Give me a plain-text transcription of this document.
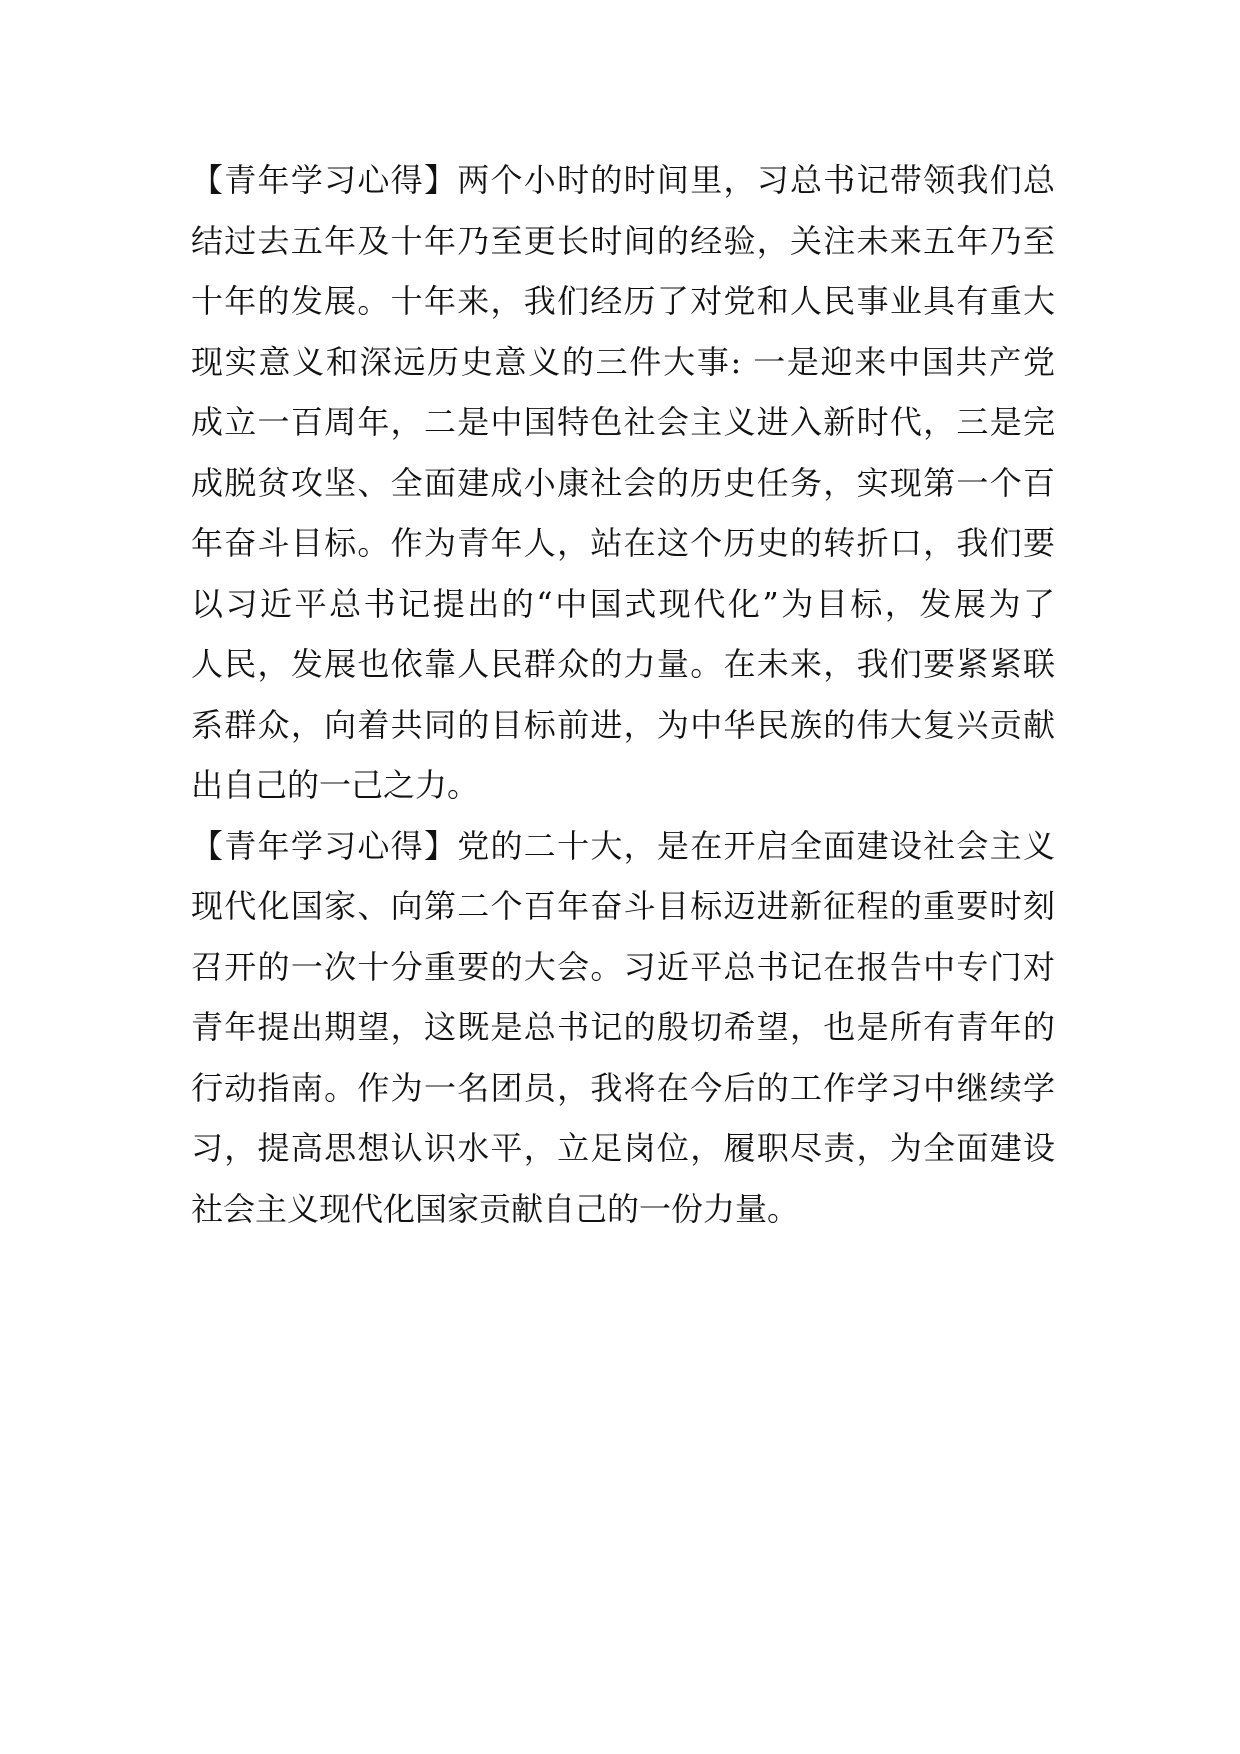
【青年学习心得】两个小时的时间里，习总书记带领我们总
结过去五年及十年乃至更长时间的经验，关注未来五年乃至
十年的发展。十年来，我们经历了对党和人民事业具有重大
现实意义和深远历史意义的三件大事: 一是迎来中国共产党
成立一百周年，二是中国特色社会主义进入新时代，三是完
成脱贫攻坚、全面建成小康社会的历史任务，实现第一个百
年奋斗目标。作为青年人，站在这个历史的转折口，我们要
以习近平总书记提出的“中国式现代化”为目标，发展为了
人民，发展也依靠人民群众的力量。在未来，我们要紧紧联
系群众，向着共同的目标前进，为中华民族的伟大复兴贡献
出自己的一己之力。
【青年学习心得】党的二十大，是在开启全面建设社会主义
现代化国家、向第二个百年奋斗目标迈进新征程的重要时刻
召开的一次十分重要的大会。习近平总书记在报告中专门对
青年提出期望，这既是总书记的殷切希望，也是所有青年的
行动指南。作为一名团员，我将在今后的工作学习中继续学
习，提高思想认识水平，立足岗位，履职尽责，为全面建设
社会主义现代化国家贡献自己的一份力量。
